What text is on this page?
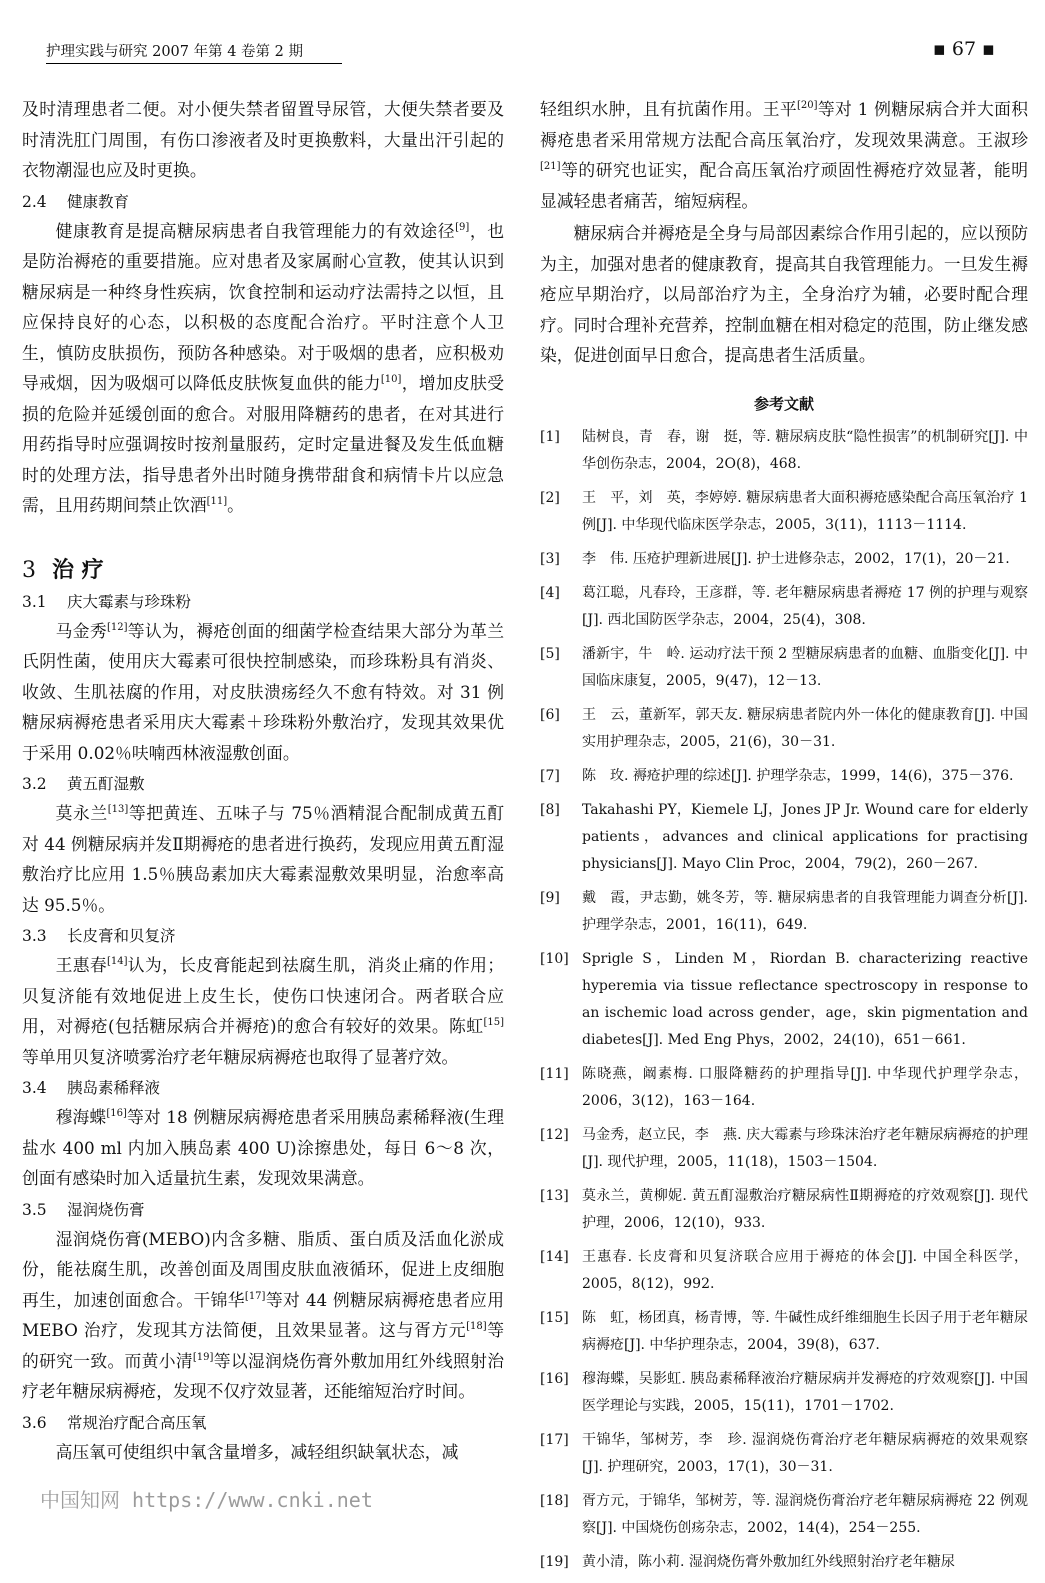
护理实践与研究 2007 年第 4 卷第 2 期	▪ 67 ▪

及时清理患者二便。对小便失禁者留置导尿管，大便失禁者要及时清洗肛门周围，有伤口渗液者及时更换敷料，大量出汗引起的衣物潮湿也应及时更换。

2.4 健康教育

健康教育是提高糖尿病患者自我管理能力的有效途径[9]，也是防治褥疮的重要措施。应对患者及家属耐心宣教，使其认识到糖尿病是一种终身性疾病，饮食控制和运动疗法需持之以恒，且应保持良好的心态，以积极的态度配合治疗。平时注意个人卫生，慎防皮肤损伤，预防各种感染。对于吸烟的患者，应积极劝导戒烟，因为吸烟可以降低皮肤恢复血供的能力[10]，增加皮肤受损的危险并延缓创面的愈合。对服用降糖药的患者，在对其进行用药指导时应强调按时按剂量服药，定时定量进餐及发生低血糖时的处理方法，指导患者外出时随身携带甜食和病情卡片以应急需，且用药期间禁止饮酒[11]。

3 治 疗
3.1 庆大霉素与珍珠粉

马金秀[12]等认为，褥疮创面的细菌学检查结果大部分为革兰氏阴性菌，使用庆大霉素可很快控制感染，而珍珠粉具有消炎、收敛、生肌祛腐的作用，对皮肤溃疡经久不愈有特效。对 31 例糖尿病褥疮患者采用庆大霉素＋珍珠粉外敷治疗，发现其效果优于采用 0.02％呋喃西林液湿敷创面。

3.2 黄五酊湿敷

莫永兰[13]等把黄连、五味子与 75％酒精混合配制成黄五酊对 44 例糖尿病并发Ⅱ期褥疮的患者进行换药，发现应用黄五酊湿敷治疗比应用 1.5％胰岛素加庆大霉素湿敷效果明显，治愈率高达 95.5％。

3.3 长皮膏和贝复济

王惠春[14]认为，长皮膏能起到祛腐生肌，消炎止痛的作用；贝复济能有效地促进上皮生长，使伤口快速闭合。两者联合应用，对褥疮(包括糖尿病合并褥疮)的愈合有较好的效果。陈虹[15]等单用贝复济喷雾治疗老年糖尿病褥疮也取得了显著疗效。

3.4 胰岛素稀释液

穆海蝶[16]等对 18 例糖尿病褥疮患者采用胰岛素稀释液(生理盐水 400 ml 内加入胰岛素 400 U)涂擦患处，每日 6～8 次，创面有感染时加入适量抗生素，发现效果满意。

3.5 湿润烧伤膏

湿润烧伤膏(MEBO)内含多糖、脂质、蛋白质及活血化淤成份，能祛腐生肌，改善创面及周围皮肤血液循环，促进上皮细胞再生，加速创面愈合。干锦华[17]等对 44 例糖尿病褥疮患者应用 MEBO 治疗，发现其方法简便，且效果显著。这与胥方元[18]等的研究一致。而黄小清[19]等以湿润烧伤膏外敷加用红外线照射治疗老年糖尿病褥疮，发现不仅疗效显著，还能缩短治疗时间。

3.6 常规治疗配合高压氧

高压氧可使组织中氧含量增多，减轻组织缺氧状态，减

轻组织水肿，且有抗菌作用。王平[20]等对 1 例糖尿病合并大面积褥疮患者采用常规方法配合高压氧治疗，发现效果满意。王淑珍[21]等的研究也证实，配合高压氧治疗顽固性褥疮疗效显著，能明显减轻患者痛苦，缩短病程。

糖尿病合并褥疮是全身与局部因素综合作用引起的，应以预防为主，加强对患者的健康教育，提高其自我管理能力。一旦发生褥疮应早期治疗，以局部治疗为主，全身治疗为辅，必要时配合理疗。同时合理补充营养，控制血糖在相对稳定的范围，防止继发感染，促进创面早日愈合，提高患者生活质量。

参考文献
[1] 陆树良，青　春，谢　挺，等. 糖尿病皮肤“隐性损害”的机制研究[J]. 中华创伤杂志，2004，2O(8)，468.
[2] 王　平，刘　英，李婷婷. 糖尿病患者大面积褥疮感染配合高压氧治疗 1 例[J]. 中华现代临床医学杂志，2005，3(11)，1113－1114.
[3] 李　伟. 压疮护理新进展[J]. 护士进修杂志，2002，17(1)，20－21.
[4] 葛江聪，凡春玲，王彦群，等. 老年糖尿病患者褥疮 17 例的护理与观察[J]. 西北国防医学杂志，2004，25(4)，308.
[5] 潘新宇，牛　岭. 运动疗法干预 2 型糖尿病患者的血糖、血脂变化[J]. 中国临床康复，2005，9(47)，12－13.
[6] 王　云，董新军，郭天友. 糖尿病患者院内外一体化的健康教育[J]. 中国实用护理杂志，2005，21(6)，30－31.
[7] 陈　玫. 褥疮护理的综述[J]. 护理学杂志，1999，14(6)，375－376.
[8] Takahashi PY，Kiemele LJ，Jones JP Jr. Wound care for elderly patients，advances and clinical applications for practising physicians[J]. Mayo Clin Proc，2004，79(2)，260－267.
[9] 戴　霞，尹志勤，姚冬芳，等. 糖尿病患者的自我管理能力调查分析[J]. 护理学杂志，2001，16(11)，649.
[10] Sprigle S，Linden M，Riordan B. characterizing reactive hyperemia via tissue reflectance spectroscopy in response to an ischemic load across gender，age，skin pigmentation and diabetes[J]. Med Eng Phys，2002，24(10)，651－661.
[11] 陈晓燕，阚素梅. 口服降糖药的护理指导[J]. 中华现代护理学杂志，2006，3(12)，163－164.
[12] 马金秀，赵立民，李　燕. 庆大霉素与珍珠沫治疗老年糖尿病褥疮的护理[J]. 现代护理，2005，11(18)，1503－1504.
[13] 莫永兰，黄柳妮. 黄五酊湿敷治疗糖尿病性Ⅱ期褥疮的疗效观察[J]. 现代护理，2006，12(10)，933.
[14] 王惠春. 长皮膏和贝复济联合应用于褥疮的体会[J]. 中国全科医学，2005，8(12)，992.
[15] 陈　虹，杨团真，杨青博，等. 牛碱性成纤维细胞生长因子用于老年糖尿病褥疮[J]. 中华护理杂志，2004，39(8)，637.
[16] 穆海蝶，吴影虹. 胰岛素稀释液治疗糖尿病并发褥疮的疗效观察[J]. 中国医学理论与实践，2005，15(11)，1701－1702.
[17] 干锦华，邹树芳，李　珍. 湿润烧伤膏治疗老年糖尿病褥疮的效果观察[J]. 护理研究，2003，17(1)，30－31.
[18] 胥方元，于锦华，邹树芳，等. 湿润烧伤膏治疗老年糖尿病褥疮 22 例观察[J]. 中国烧伤创疡杂志，2002，14(4)，254－255.
[19] 黄小清，陈小莉. 湿润烧伤膏外敷加红外线照射治疗老年糖尿
中国知网 https://www.cnki.net
